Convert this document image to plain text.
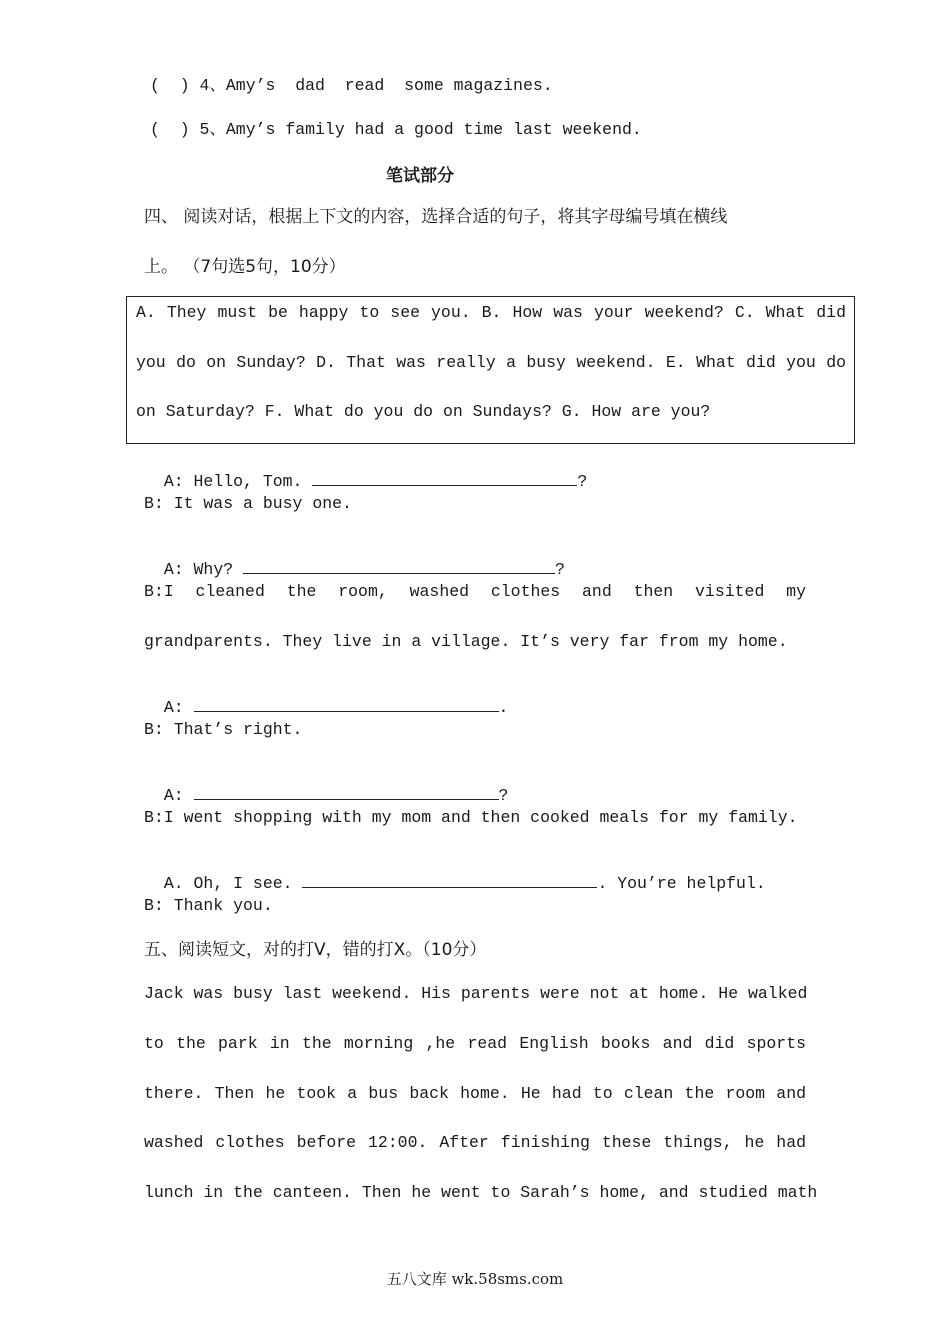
(  ) 4、Amy’s  dad  read  some magazines.
(  ) 5、Amy’s family had a good time last weekend.
笔试部分
四、 阅读对话，根据上下文的内容，选择合适的句子，将其字母编号填在横线
上。 （7句选5句，10分）
A. They must be happy to see you. B. How was your weekend? C. What did
you do on Sunday? D. That was really a busy weekend. E. What did you do
on Saturday? F. What do you do on Sundays? G. How are you?

A: Hello, Tom.	?

B: It was a busy one.

A: Why?	?

B:I cleaned the room, washed clothes and then visited my
grandparents. They live in a village. It’s very far from my home.

A:	.

B: That’s right.

A:	?

B:I went shopping with my mom and then cooked meals for my family.

A. Oh, I see.	. You’re helpful.

B: Thank you.
五、阅读短文，对的打V，错的打X。（10分）
Jack was busy last weekend. His parents were not at home. He walked
to the park in the morning ,he read English books and did sports
there. Then he took a bus back home. He had to clean the room and
washed clothes before 12:00. After finishing these things, he had
lunch in the canteen. Then he went to Sarah’s home, and studied math
五八文库 wk.58sms.com
